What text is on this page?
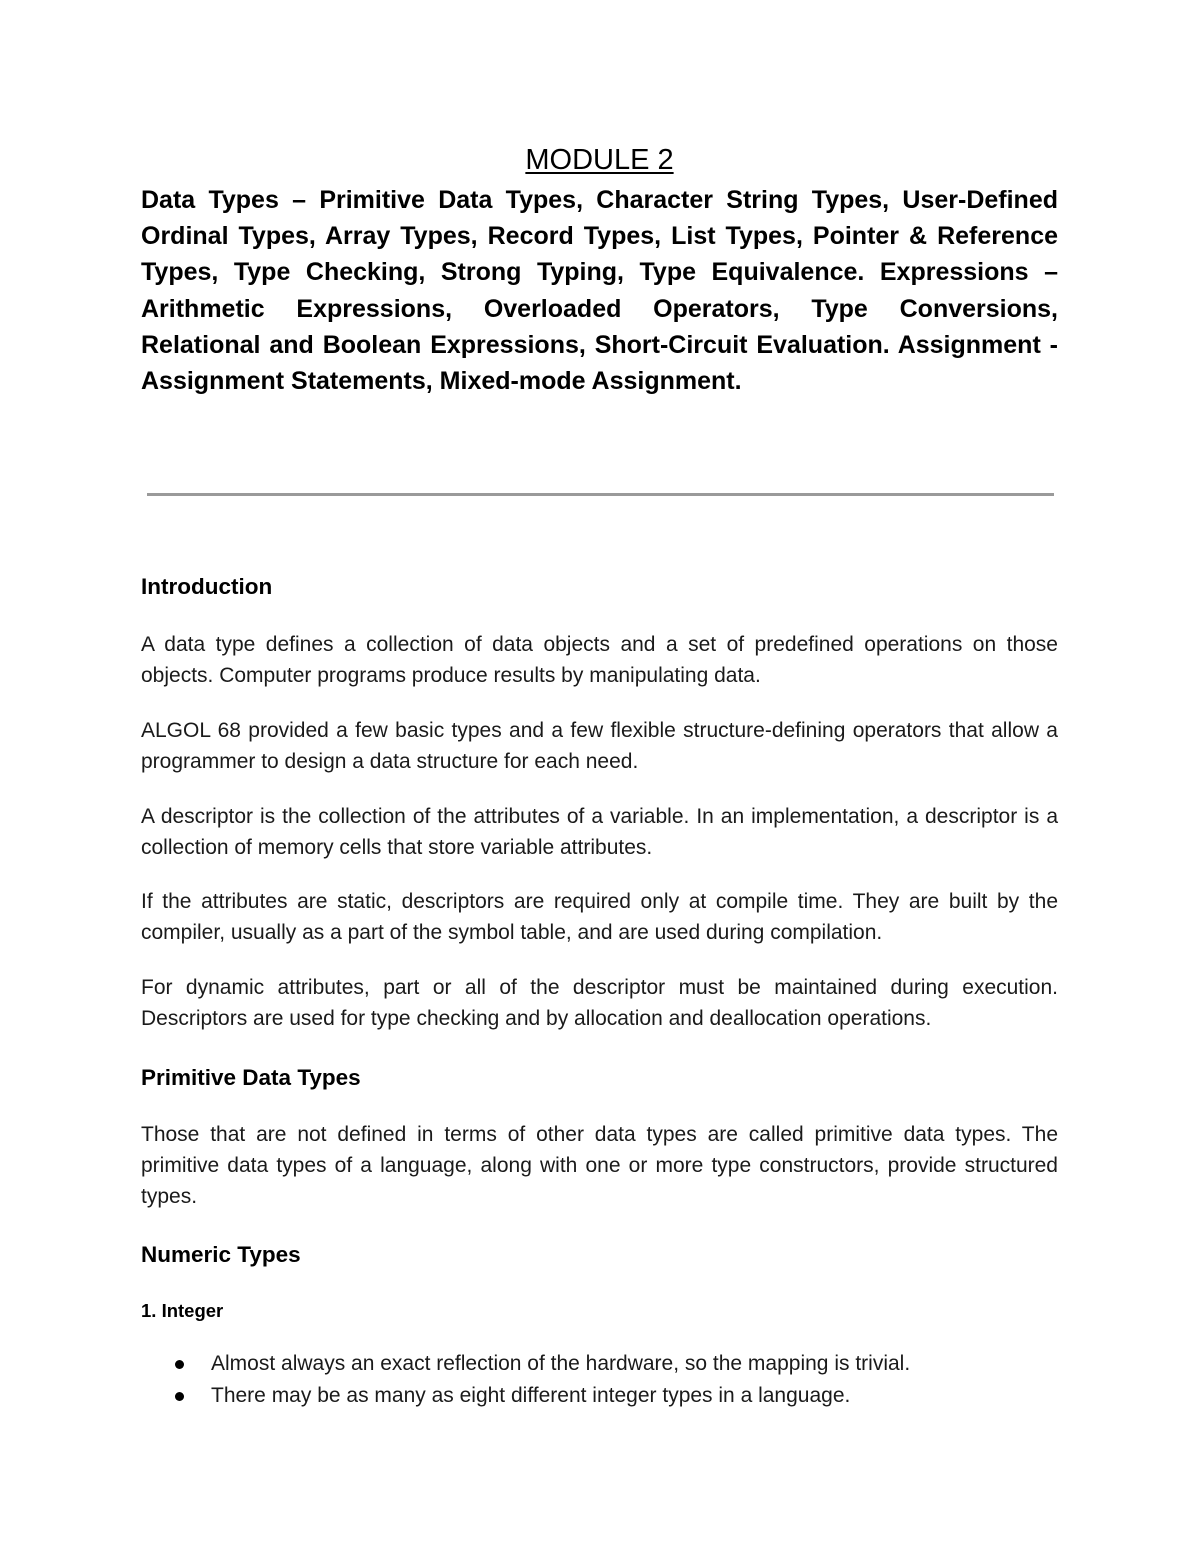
MODULE 2

Data Types – Primitive Data Types, Character String Types, User-Defined Ordinal Types, Array Types, Record Types, List Types, Pointer & Reference Types, Type Checking, Strong Typing, Type Equivalence. Expressions – Arithmetic Expressions, Overloaded Operators, Type Conversions, Relational and Boolean Expressions, Short-Circuit Evaluation. Assignment - Assignment Statements, Mixed-mode Assignment.

Introduction

A data type defines a collection of data objects and a set of predefined operations on those objects. Computer programs produce results by manipulating data.

ALGOL 68 provided a few basic types and a few flexible structure-defining operators that allow a programmer to design a data structure for each need.

A descriptor is the collection of the attributes of a variable. In an implementation, a descriptor is a collection of memory cells that store variable attributes.

If the attributes are static, descriptors are required only at compile time. They are built by the compiler, usually as a part of the symbol table, and are used during compilation.

For dynamic attributes, part or all of the descriptor must be maintained during execution. Descriptors are used for type checking and by allocation and deallocation operations.

Primitive Data Types

Those that are not defined in terms of other data types are called primitive data types. The primitive data types of a language, along with one or more type constructors, provide structured types.

Numeric Types
1. Integer
Almost always an exact reflection of the hardware, so the mapping is trivial.
There may be as many as eight different integer types in a language.
